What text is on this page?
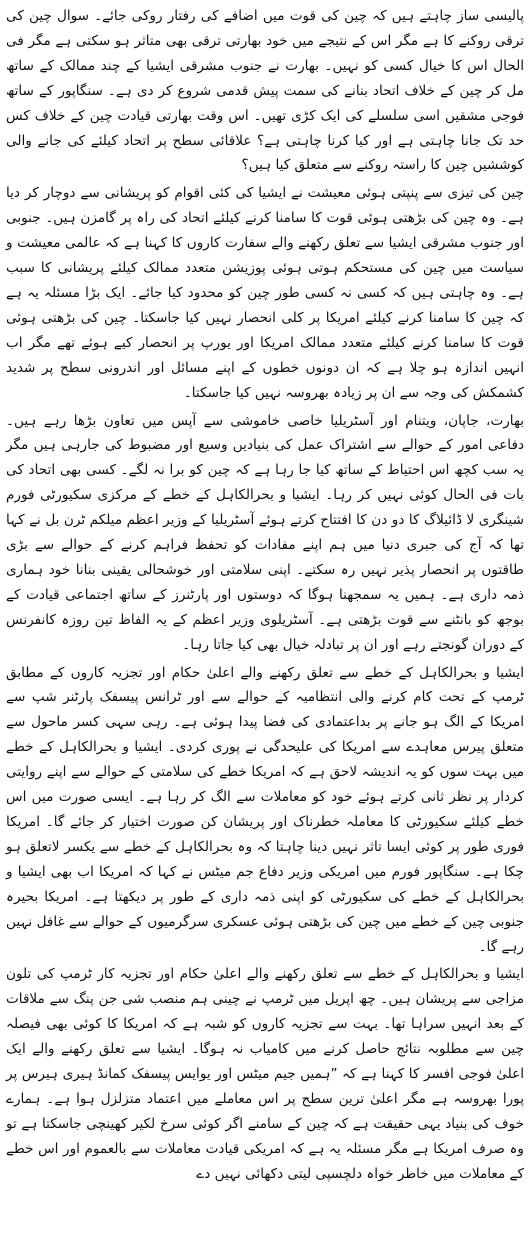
پالیسی ساز چاہتے ہیں کہ چین کی قوت میں اضافے کی رفتار روکی جائے۔ سوال چین کی ترقی روکنے کا ہے مگر اس کے نتیجے میں خود بھارتی ترقی بھی متاثر ہو سکتی ہے مگر فی الحال اس کا خیال کسی کو نہیں۔ بھارت نے جنوب مشرقی ایشیا کے چند ممالک کے ساتھ مل کر چین کے خلاف اتحاد بنانے کی سمت پیش قدمی شروع کر دی ہے۔ سنگاپور کے ساتھ فوجی مشقیں اسی سلسلے کی ایک کڑی تھیں۔ اس وقت بھارتی قیادت چین کے خلاف کس حد تک جانا چاہتی ہے اور کیا کرنا چاہتی ہے؟ علاقائی سطح پر اتحاد کیلئے کی جانے والی کوششیں چین کا راستہ روکنے سے متعلق کیا ہیں؟

چین کی تیزی سے پنپتی ہوئی معیشت نے ایشیا کی کئی اقوام کو پریشانی سے دوچار کر دیا ہے۔ وہ چین کی بڑھتی ہوئی قوت کا سامنا کرنے کیلئے اتحاد کی راہ پر گامزن ہیں۔ جنوبی اور جنوب مشرقی ایشیا سے تعلق رکھنے والے سفارت کاروں کا کہنا ہے کہ عالمی معیشت و سیاست میں چین کی مستحکم ہوتی ہوئی پوزیشن متعدد ممالک کیلئے پریشانی کا سبب ہے۔ وہ چاہتی ہیں کہ کسی نہ کسی طور چین کو محدود کیا جائے۔ ایک بڑا مسئلہ یہ ہے کہ چین کا سامنا کرنے کیلئے امریکا پر کلی انحصار نہیں کیا جاسکتا۔ چین کی بڑھتی ہوئی قوت کا سامنا کرنے کیلئے متعدد ممالک امریکا اور یورپ پر انحصار کیے ہوئے تھے مگر اب انہیں اندازہ ہو چلا ہے کہ ان دونوں خطوں کے اپنے مسائل اور اندرونی سطح پر شدید کشمکش کی وجہ سے ان پر زیادہ بھروسہ نہیں کیا جاسکتا۔

بھارت، جاپان، ویتنام اور آسٹریلیا خاصی خاموشی سے آپس میں تعاون بڑھا رہے ہیں۔ دفاعی امور کے حوالے سے اشتراک عمل کی بنیادیں وسیع اور مضبوط کی جارہی ہیں مگر یہ سب کچھ اس احتیاط کے ساتھ کیا جا رہا ہے کہ چین کو برا نہ لگے۔ کسی بھی اتحاد کی بات فی الحال کوئی نہیں کر رہا۔ ایشیا و بحرالکاہل کے خطے کے مرکزی سکیورٹی فورم شینگری لا ڈائیلاگ کا دو دن کا افتتاح کرتے ہوئے آسٹریلیا کے وزیر اعظم میلکم ٹرن بل نے کہا تھا کہ آج کی جبری دنیا میں ہم اپنے مفادات کو تحفظ فراہم کرنے کے حوالے سے بڑی طاقتوں پر انحصار پذیر نہیں رہ سکتے۔ اپنی سلامتی اور خوشحالی یقینی بنانا خود ہماری ذمہ داری ہے۔ ہمیں یہ سمجھنا ہوگا کہ دوستوں اور پارٹنرز کے ساتھ اجتماعی قیادت کے بوجھ کو بانٹنے سے قوت بڑھتی ہے۔ آسٹریلوی وزیر اعظم کے یہ الفاظ تین روزہ کانفرنس کے دوران گونجتے رہے اور ان پر تبادلہ خیال بھی کیا جاتا رہا۔

ایشیا و بحرالکاہل کے خطے سے تعلق رکھنے والے اعلیٰ حکام اور تجزیہ کاروں کے مطابق ٹرمپ کے تحت کام کرنے والی انتظامیہ کے حوالے سے اور ٹرانس پیسفک پارٹنر شپ سے امریکا کے الگ ہو جانے پر بداعتمادی کی فضا پیدا ہوئی ہے۔ رہی سہی کسر ماحول سے متعلق پیرس معاہدے سے امریکا کی علیحدگی نے پوری کردی۔ ایشیا و بحرالکاہل کے خطے میں بہت سوں کو یہ اندیشہ لاحق ہے کہ امریکا خطے کی سلامتی کے حوالے سے اپنے روایتی کردار پر نظر ثانی کرتے ہوئے خود کو معاملات سے الگ کر رہا ہے۔ ایسی صورت میں اس خطے کیلئے سکیورٹی کا معاملہ خطرناک اور پریشان کن صورت اختیار کر جائے گا۔ امریکا فوری طور پر کوئی ایسا تاثر نہیں دینا چاہتا کہ وہ بحرالکاہل کے خطے سے یکسر لاتعلق ہو چکا ہے۔ سنگاپور فورم میں امریکی وزیر دفاع جم میٹس نے کہا کہ امریکا اب بھی ایشیا و بحرالکاہل کے خطے کی سکیورٹی کو اپنی ذمہ داری کے طور پر دیکھتا ہے۔ امریکا بحیرہ جنوبی چین کے خطے میں چین کی بڑھتی ہوئی عسکری سرگرمیوں کے حوالے سے غافل نہیں رہے گا۔

ایشیا و بحرالکاہل کے خطے سے تعلق رکھنے والے اعلیٰ حکام اور تجزیہ کار ٹرمپ کی تلون مزاجی سے پریشان ہیں۔ چھ اپریل میں ٹرمپ نے چینی ہم منصب شی جن پنگ سے ملاقات کے بعد انہیں سراہا تھا۔ بہت سے تجزیہ کاروں کو شبہ ہے کہ امریکا کا کوئی بھی فیصلہ چین سے مطلوبہ نتائج حاصل کرنے میں کامیاب نہ ہوگا۔ ایشیا سے تعلق رکھنے والے ایک اعلیٰ فوجی افسر کا کہنا ہے کہ ”ہمیں جیم میٹس اور یوایس پیسفک کمانڈ ہیری ہیرس پر پورا بھروسہ ہے مگر اعلیٰ ترین سطح پر اس معاملے میں اعتماد متزلزل ہوا ہے۔ ہمارے خوف کی بنیاد یہی حقیقت ہے کہ چین کے سامنے اگر کوئی سرخ لکیر کھینچی جاسکتا ہے تو وہ صرف امریکا ہے مگر مسئلہ یہ ہے کہ امریکی قیادت معاملات سے بالعموم اور اس خطے کے معاملات میں خاطر خواہ دلچسپی لیتی دکھائی نہیں دے
